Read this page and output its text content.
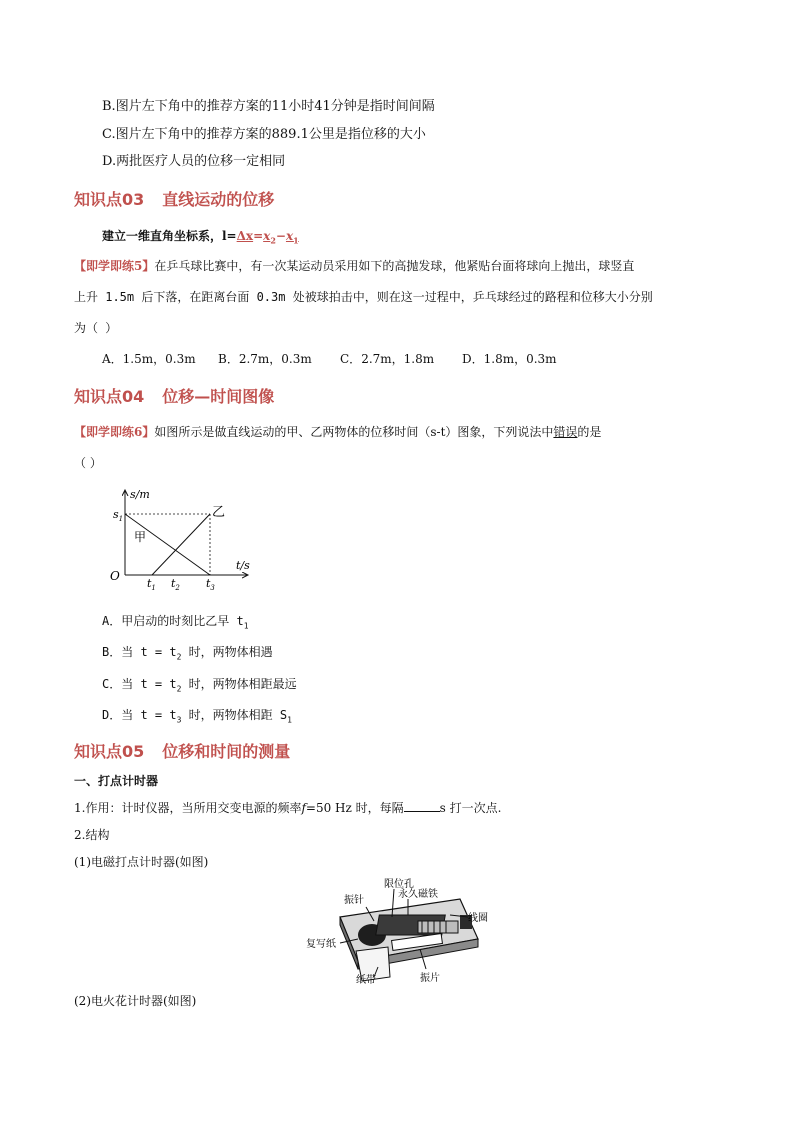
B.图片左下角中的推荐方案的11小时41分钟是指时间间隔
C.图片左下角中的推荐方案的889.1公里是指位移的大小
D.两批医疗人员的位移一定相同
知识点03 直线运动的位移
建立一维直角坐标系，$l=\Delta x=x_2-x_1$
【即学即练5】在乒乓球比赛中，有一次某运动员采用如下的高抛发球，他紧贴台面将球向上抛出，球竖直
上升 1.5m 后下落，在距离台面 0.3m 处被球拍击中，则在这一过程中，乒乓球经过的路程和位移大小分别
为（ ）
A．1.5m，0.3m B．2.7m，0.3m C．2.7m，1.8m D．1.8m，0.3m
知识点04 位移—时间图像
【即学即练6】如图所示是做直线运动的甲、乙两物体的位移时间（s-t）图象，下列说法中错误的是
（ ）
s/m
t/s
O
$s_1$
甲
乙
$t_1$ $t_2$ $t_3$
A．甲启动的时刻比乙早 $t_1$
B．当 $t = t_2$ 时，两物体相遇
C．当 $t = t_2$ 时，两物体相距最远
D．当 $t = t_3$ 时，两物体相距 $S_1$
知识点05 位移和时间的测量
一、打点计时器
1.作用：计时仪器，当所用交变电源的频率f=50 Hz 时，每隔	s 打一次点.
2.结构
(1)电磁打点计时器(如图)
限位孔
振针
永久磁铁
线圈
复写纸
纸带	振片
(2)电火花计时器(如图)
